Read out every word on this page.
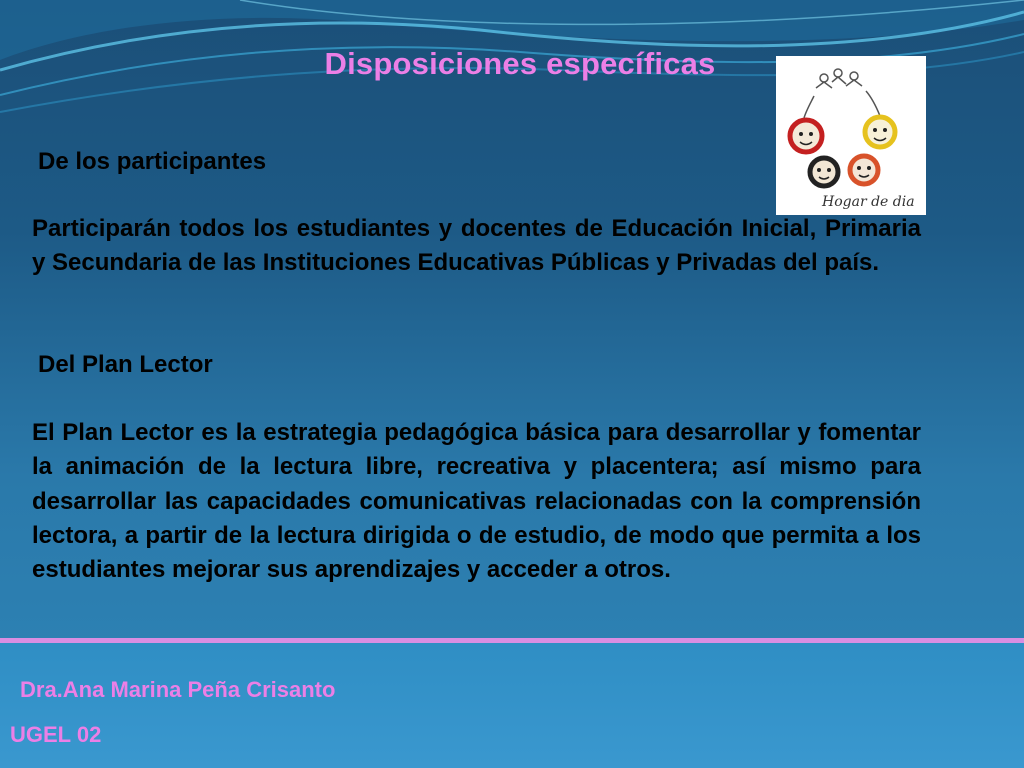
Disposiciones específicas
Hogar de dia
De los participantes
Participarán todos los estudiantes y docentes de Educación Inicial, Primaria y Secundaria de las Instituciones Educativas Públicas y Privadas del país.
Del Plan Lector
El Plan Lector es la estrategia pedagógica básica para desarrollar y fomentar la animación de la lectura libre, recreativa y placentera; así mismo para desarrollar las capacidades comunicativas relacionadas con la comprensión lectora, a partir de la lectura dirigida o de estudio, de modo que permita a los estudiantes mejorar sus aprendizajes y acceder a otros.
Dra.Ana Marina Peña Crisanto
UGEL 02
